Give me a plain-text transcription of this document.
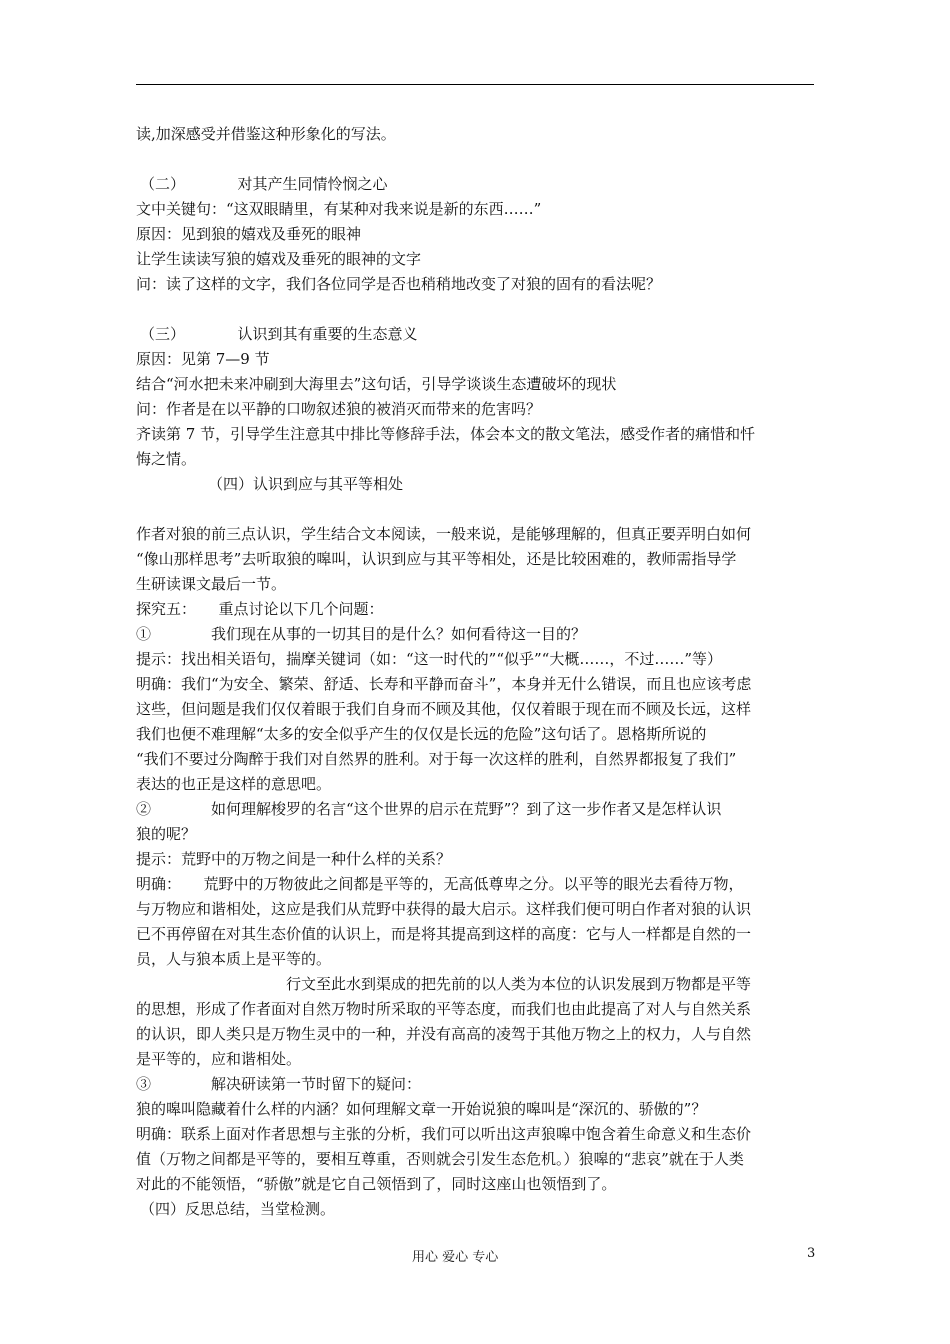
读,加深感受并借鉴这种形象化的写法。

（二）　　　　对其产生同情怜悯之心

文中关键句：“这双眼睛里，有某种对我来说是新的东西……”

原因：见到狼的嬉戏及垂死的眼神

让学生读读写狼的嬉戏及垂死的眼神的文字

问：读了这样的文字，我们各位同学是否也稍稍地改变了对狼的固有的看法呢？

（三）　　　　认识到其有重要的生态意义

原因：见第 7—9 节

结合“河水把未来冲刷到大海里去”这句话，引导学谈谈生态遭破坏的现状

问：作者是在以平静的口吻叙述狼的被消灭而带来的危害吗？

齐读第 7 节，引导学生注意其中排比等修辞手法，体会本文的散文笔法，感受作者的痛惜和忏

悔之情。

（四）认识到应与其平等相处

作者对狼的前三点认识，学生结合文本阅读，一般来说，是能够理解的，但真正要弄明白如何

“像山那样思考”去听取狼的嗥叫，认识到应与其平等相处，还是比较困难的，教师需指导学

生研读课文最后一节。

探究五：　　重点讨论以下几个问题：

①　　　　我们现在从事的一切其目的是什么？如何看待这一目的？

提示：找出相关语句，揣摩关键词（如：“这一时代的”“似乎”“大概……，不过……”等）

明确：我们“为安全、繁荣、舒适、长寿和平静而奋斗”，本身并无什么错误，而且也应该考虑

这些，但问题是我们仅仅着眼于我们自身而不顾及其他，仅仅着眼于现在而不顾及长远，这样

我们也便不难理解“太多的安全似乎产生的仅仅是长远的危险”这句话了。恩格斯所说的

“我们不要过分陶醉于我们对自然界的胜利。对于每一次这样的胜利，自然界都报复了我们”

表达的也正是这样的意思吧。

②　　　　如何理解梭罗的名言“这个世界的启示在荒野”？到了这一步作者又是怎样认识

狼的呢？

提示：荒野中的万物之间是一种什么样的关系？

明确：　　荒野中的万物彼此之间都是平等的，无高低尊卑之分。以平等的眼光去看待万物，

与万物应和谐相处，这应是我们从荒野中获得的最大启示。这样我们便可明白作者对狼的认识

已不再停留在对其生态价值的认识上，而是将其提高到这样的高度：它与人一样都是自然的一

员，人与狼本质上是平等的。

行文至此水到渠成的把先前的以人类为本位的认识发展到万物都是平等

的思想，形成了作者面对自然万物时所采取的平等态度，而我们也由此提高了对人与自然关系

的认识，即人类只是万物生灵中的一种，并没有高高的凌驾于其他万物之上的权力，人与自然

是平等的，应和谐相处。

③　　　　解决研读第一节时留下的疑问：

狼的嗥叫隐藏着什么样的内涵？如何理解文章一开始说狼的嗥叫是“深沉的、骄傲的”？

明确：联系上面对作者思想与主张的分析，我们可以听出这声狼嗥中饱含着生命意义和生态价

值（万物之间都是平等的，要相互尊重，否则就会引发生态危机。）狼嗥的“悲哀”就在于人类

对此的不能领悟，“骄傲”就是它自己领悟到了，同时这座山也领悟到了。

（四）反思总结，当堂检测。

用心 爱心 专心	3
